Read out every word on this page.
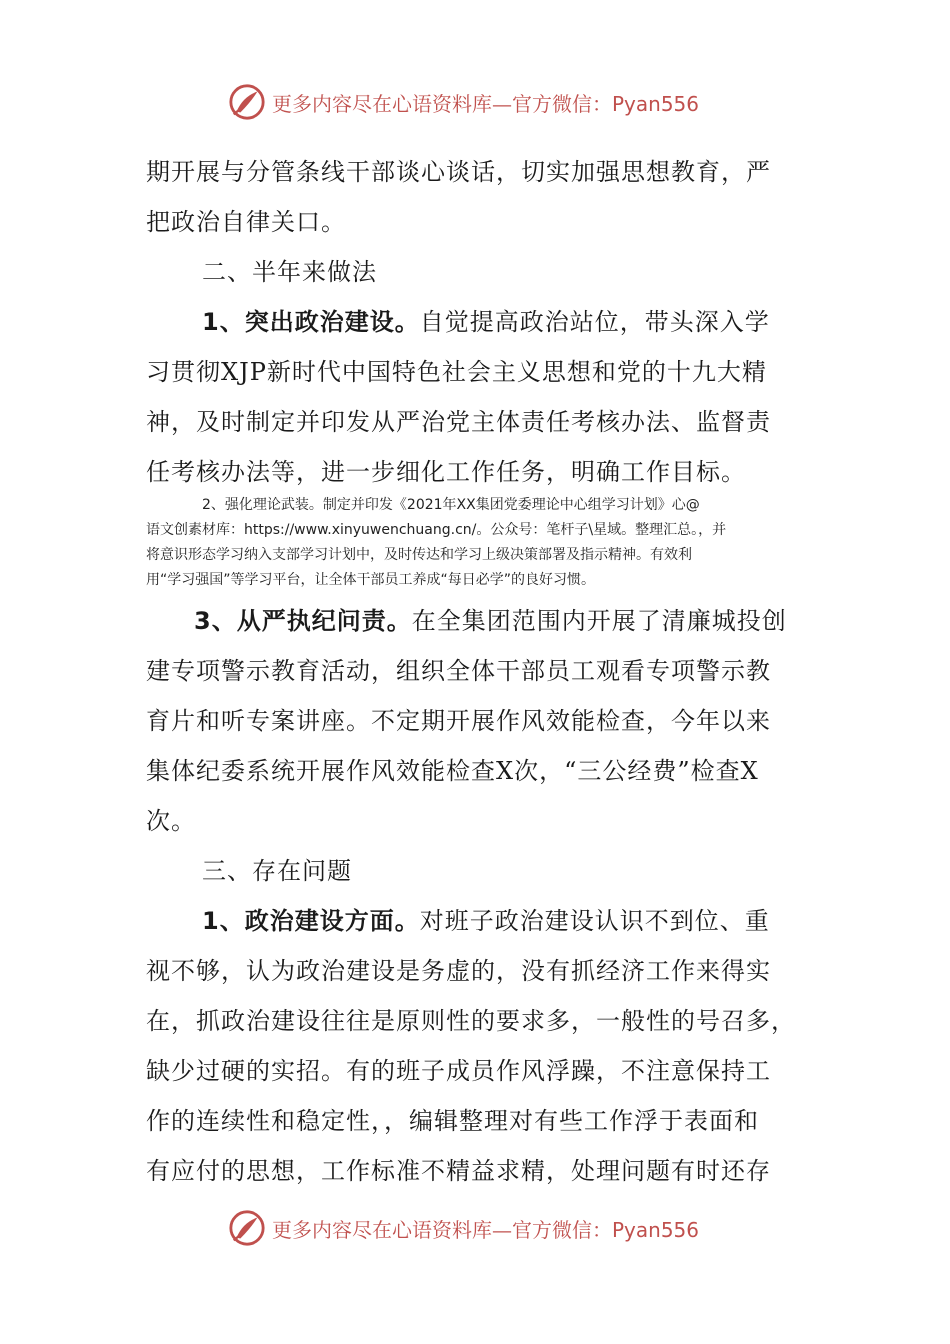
更多内容尽在心语资料库—官方微信：Pyan556

期开展与分管条线干部谈心谈话，切实加强思想教育，严

把政治自律关口。

二、半年来做法

1、突出政治建设。自觉提高政治站位，带头深入学

习贯彻XJP新时代中国特色社会主义思想和党的十九大精

神，及时制定并印发从严治党主体责任考核办法、监督责

任考核办法等，进一步细化工作任务，明确工作目标。

2、强化理论武装。制定并印发《2021年XX集团党委理论中心组学习计划》心@

语文创素材库：https://www.xinyuwenchuang.cn/。公众号：笔杆子\星域。整理汇总。，并

将意识形态学习纳入支部学习计划中，及时传达和学习上级决策部署及指示精神。有效利

用“学习强国”等学习平台，让全体干部员工养成“每日必学”的良好习惯。

3、从严执纪问责。在全集团范围内开展了清廉城投创

建专项警示教育活动，组织全体干部员工观看专项警示教

育片和听专案讲座。不定期开展作风效能检查，今年以来

集体纪委系统开展作风效能检查X次，“三公经费”检查X

次。

三、存在问题

1、政治建设方面。对班子政治建设认识不到位、重

视不够，认为政治建设是务虚的，没有抓经济工作来得实

在，抓政治建设往往是原则性的要求多，一般性的号召多，

缺少过硬的实招。有的班子成员作风浮躁，不注意保持工

作的连续性和稳定性，，编辑整理对有些工作浮于表面和

有应付的思想，工作标准不精益求精，处理问题有时还存

更多内容尽在心语资料库—官方微信：Pyan556
